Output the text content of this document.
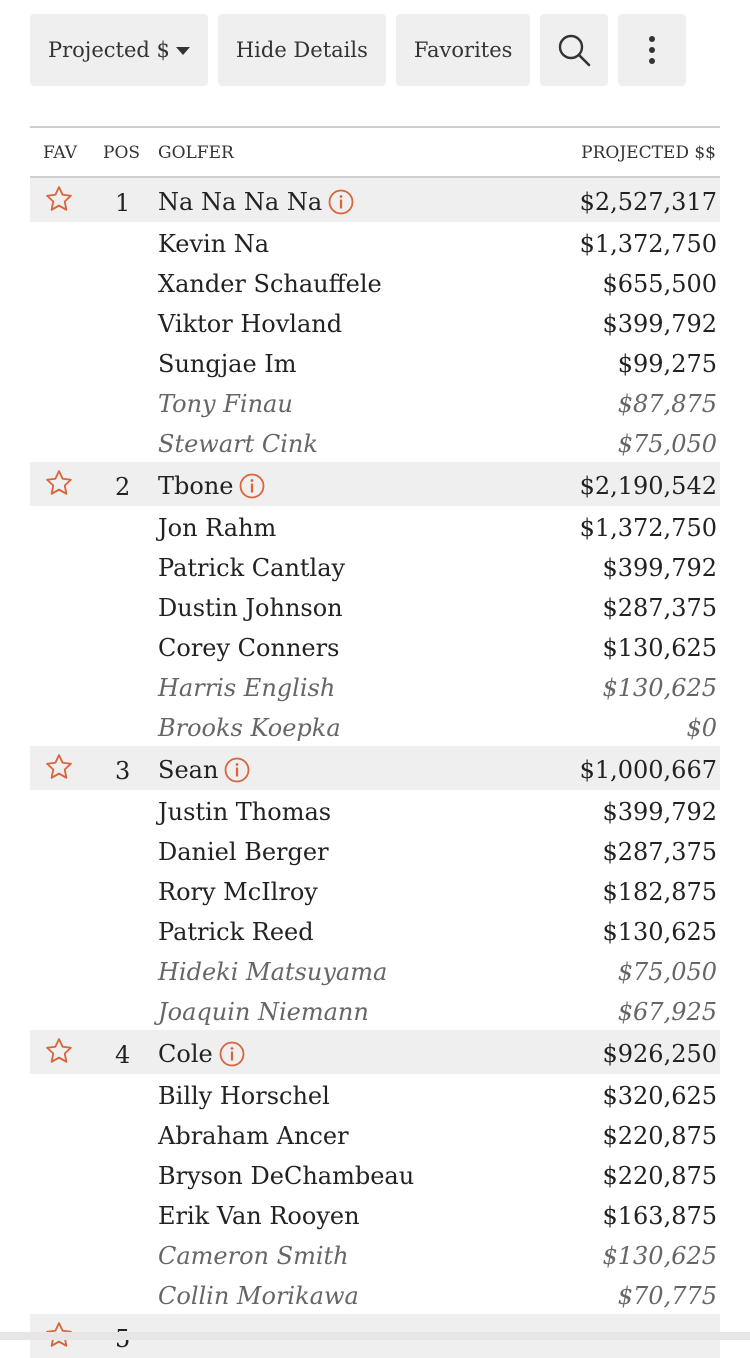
Projected $	Hide Details Favorites
FAV POS GOLFER	PROJECTED $$
1 Na Na Na Na	$2,527,317
Kevin Na	$1,372,750
Xander Schauffele	$655,500
Viktor Hovland	$399,792
Sungjae Im	$99,275
Tony Finau	$87,875
Stewart Cink	$75,050
2 Tbone	$2,190,542
Jon Rahm	$1,372,750
Patrick Cantlay	$399,792
Dustin Johnson	$287,375
Corey Conners	$130,625
Harris English	$130,625
Brooks Koepka	$0
3 Sean	$1,000,667
Justin Thomas	$399,792
Daniel Berger	$287,375
Rory McIlroy	$182,875
Patrick Reed	$130,625
Hideki Matsuyama	$75,050
Joaquin Niemann	$67,925
4 Cole	$926,250
Billy Horschel	$320,625
Abraham Ancer	$220,875
Bryson DeChambeau	$220,875
Erik Van Rooyen	$163,875
Cameron Smith	$130,625
Collin Morikawa	$70,775
